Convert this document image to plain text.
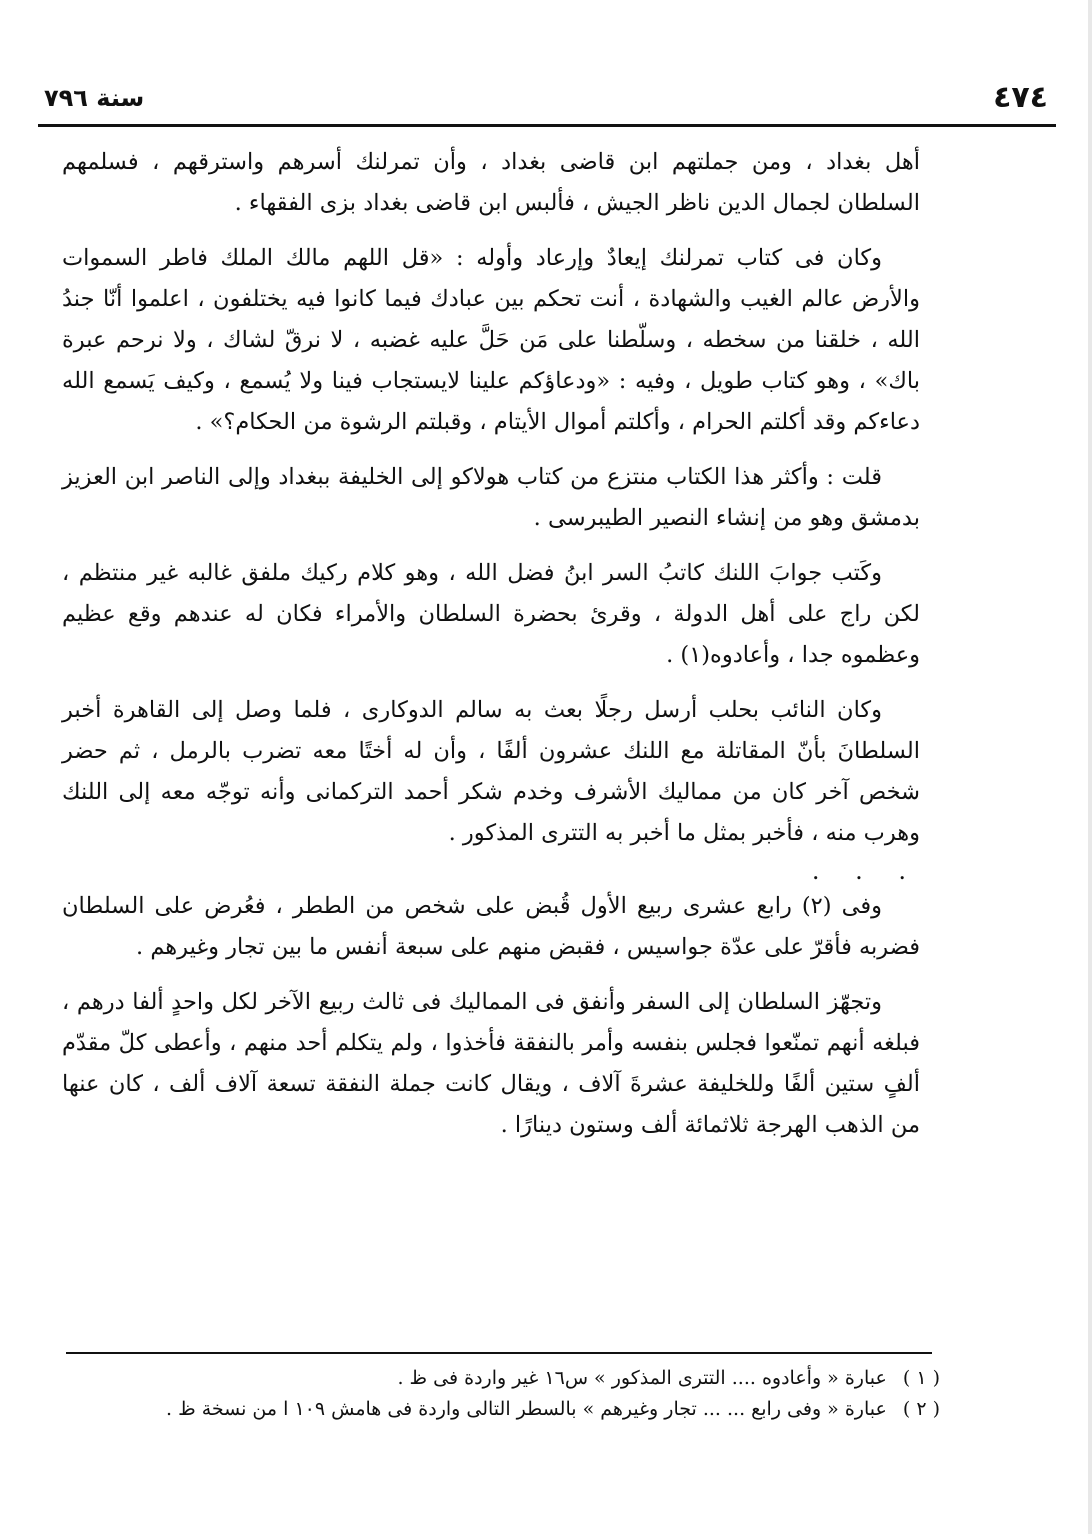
٤٧٤
سنة ٧٩٦

أهل بغداد ، ومن جملتهم ابن قاضى بغداد ، وأن تمرلنك أسرهم واسترقهم ، فسلمهم السلطان لجمال الدين ناظر الجيش ، فألبس ابن قاضى بغداد بزى الفقهاء .

وكان فى كتاب تمرلنك إيعادٌ وإرعاد وأوله : «قل اللهم مالك الملك فاطر السموات والأرض عالم الغيب والشهادة ، أنت تحكم بين عبادك فيما كانوا فيه يختلفون ، اعلموا أنّا جندُ الله ، خلقنا من سخطه ، وسلّطنا على مَن حَلَّ عليه غضبه ، لا نرقّ لشاك ، ولا نرحم عبرة باك» ، وهو كتاب طويل ، وفيه : «ودعاؤكم علينا لايستجاب فينا ولا يُسمع ، وكيف يَسمع الله دعاءكم وقد أكلتم الحرام ، وأكلتم أموال الأيتام ، وقبلتم الرشوة من الحكام؟» .

قلت : وأكثر هذا الكتاب منتزع من كتاب هولاكو إلى الخليفة ببغداد وإلى الناصر ابن العزيز بدمشق وهو من إنشاء النصير الطيبرسى .

وكَتب جوابَ اللنك كاتبُ السر ابنُ فضل الله ، وهو كلام ركيك ملفق غالبه غير منتظم ، لكن راج على أهل الدولة ، وقرئ بحضرة السلطان والأمراء فكان له عندهم وقع عظيم وعظموه جدا ، وأعادوه(١) .

وكان النائب بحلب أرسل رجلًا بعث به سالم الدوكارى ، فلما وصل إلى القاهرة أخبر السلطانَ بأنّ المقاتلة مع اللنك عشرون ألفًا ، وأن له أختًا معه تضرب بالرمل ، ثم حضر شخص آخر كان من مماليك الأشرف وخدم شكر أحمد التركمانى وأنه توجّه معه إلى اللنك وهرب منه ، فأخبر بمثل ما أخبر به التترى المذكور .

. . .

وفى (٢) رابع عشرى ربيع الأول قُبض على شخص من الططر ، فعُرض على السلطان فضربه فأقرّ على عدّة جواسيس ، فقبض منهم على سبعة أنفس ما بين تجار وغيرهم .

وتجهّز السلطان إلى السفر وأنفق فى المماليك فى ثالث ربيع الآخر لكل واحدٍ ألفا درهم ، فبلغه أنهم تمنّعوا فجلس بنفسه وأمر بالنفقة فأخذوا ، ولم يتكلم أحد منهم ، وأعطى كلّ مقدّم ألفٍ ستين ألفًا وللخليفة عشرةَ آلاف ، ويقال كانت جملة النفقة تسعة آلاف ألف ، كان عنها من الذهب الهرجة ثلاثمائة ألف وستون دينارًا .

( ١ ) عبارة « وأعادوه .... التترى المذكور » س١٦ غير واردة فى ظ .

( ٢ ) عبارة « وفى رابع ... ... تجار وغيرهم » بالسطر التالى واردة فى هامش ١٠٩ ا من نسخة ظ .
